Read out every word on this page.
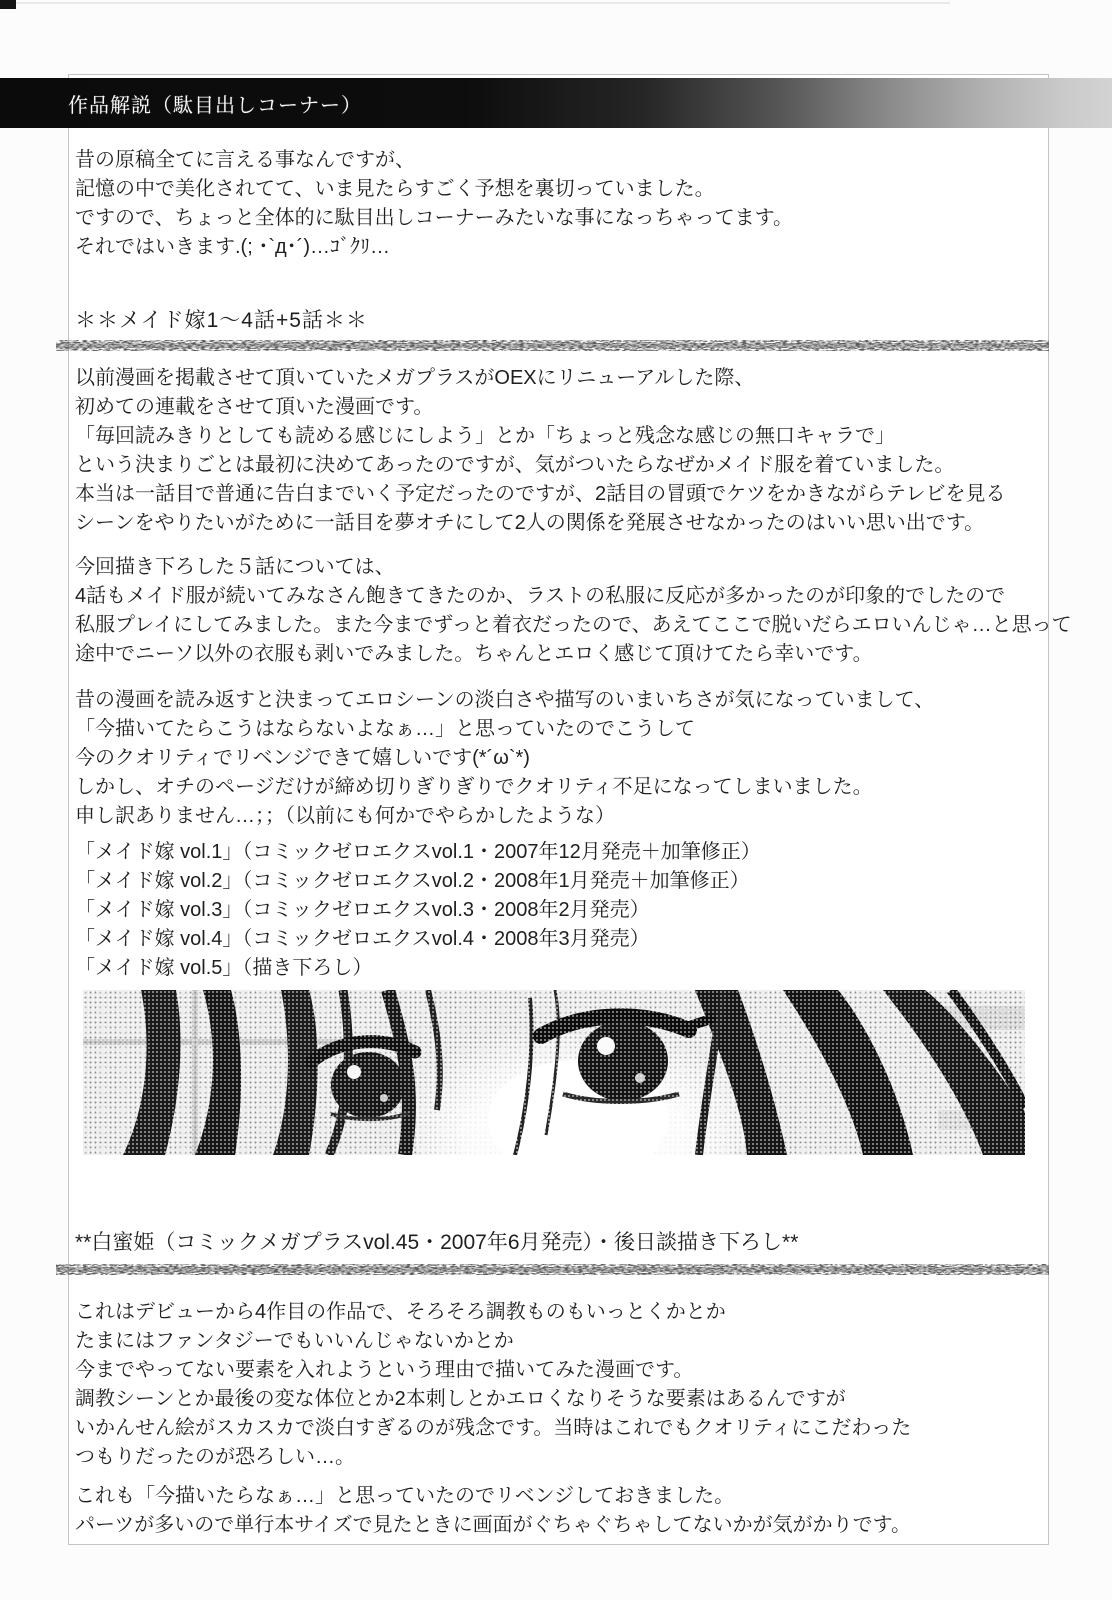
作品解説（駄目出しコーナー）
昔の原稿全てに言える事なんですが、
記憶の中で美化されてて、いま見たらすごく予想を裏切っていました。
ですので、ちょっと全体的に駄目出しコーナーみたいな事になっちゃってます。
それではいきます.(; ･`д･´)…ｺﾞｸﾘ…
＊＊メイド嫁1～4話+5話＊＊
以前漫画を掲載させて頂いていたメガプラスがOEXにリニューアルした際、
初めての連載をさせて頂いた漫画です。
「毎回読みきりとしても読める感じにしよう」とか「ちょっと残念な感じの無口キャラで」
という決まりごとは最初に決めてあったのですが、気がついたらなぜかメイド服を着ていました。
本当は一話目で普通に告白までいく予定だったのですが、2話目の冒頭でケツをかきながらテレビを見る
シーンをやりたいがために一話目を夢オチにして2人の関係を発展させなかったのはいい思い出です。
今回描き下ろした５話については、
4話もメイド服が続いてみなさん飽きてきたのか、ラストの私服に反応が多かったのが印象的でしたので
私服プレイにしてみました。また今までずっと着衣だったので、あえてここで脱いだらエロいんじゃ…と思って
途中でニーソ以外の衣服も剥いでみました。ちゃんとエロく感じて頂けてたら幸いです。
昔の漫画を読み返すと決まってエロシーンの淡白さや描写のいまいちさが気になっていまして、
「今描いてたらこうはならないよなぁ…」と思っていたのでこうして
今のクオリティでリベンジできて嬉しいです(*´ω`*)
しかし、オチのページだけが締め切りぎりぎりでクオリティ不足になってしまいました。
申し訳ありません…；；（以前にも何かでやらかしたような）
「メイド嫁 vol.1」（コミックゼロエクスvol.1・2007年12月発売＋加筆修正）
「メイド嫁 vol.2」（コミックゼロエクスvol.2・2008年1月発売＋加筆修正）
「メイド嫁 vol.3」（コミックゼロエクスvol.3・2008年2月発売）
「メイド嫁 vol.4」（コミックゼロエクスvol.4・2008年3月発売）
「メイド嫁 vol.5」（描き下ろし）
**白蜜姫（コミックメガプラスvol.45・2007年6月発売）・後日談描き下ろし**
これはデビューから4作目の作品で、そろそろ調教ものもいっとくかとか
たまにはファンタジーでもいいんじゃないかとか
今までやってない要素を入れようという理由で描いてみた漫画です。
調教シーンとか最後の変な体位とか2本刺しとかエロくなりそうな要素はあるんですが
いかんせん絵がスカスカで淡白すぎるのが残念です。当時はこれでもクオリティにこだわった
つもりだったのが恐ろしい…。
これも「今描いたらなぁ…」と思っていたのでリベンジしておきました。
パーツが多いので単行本サイズで見たときに画面がぐちゃぐちゃしてないかが気がかりです。
